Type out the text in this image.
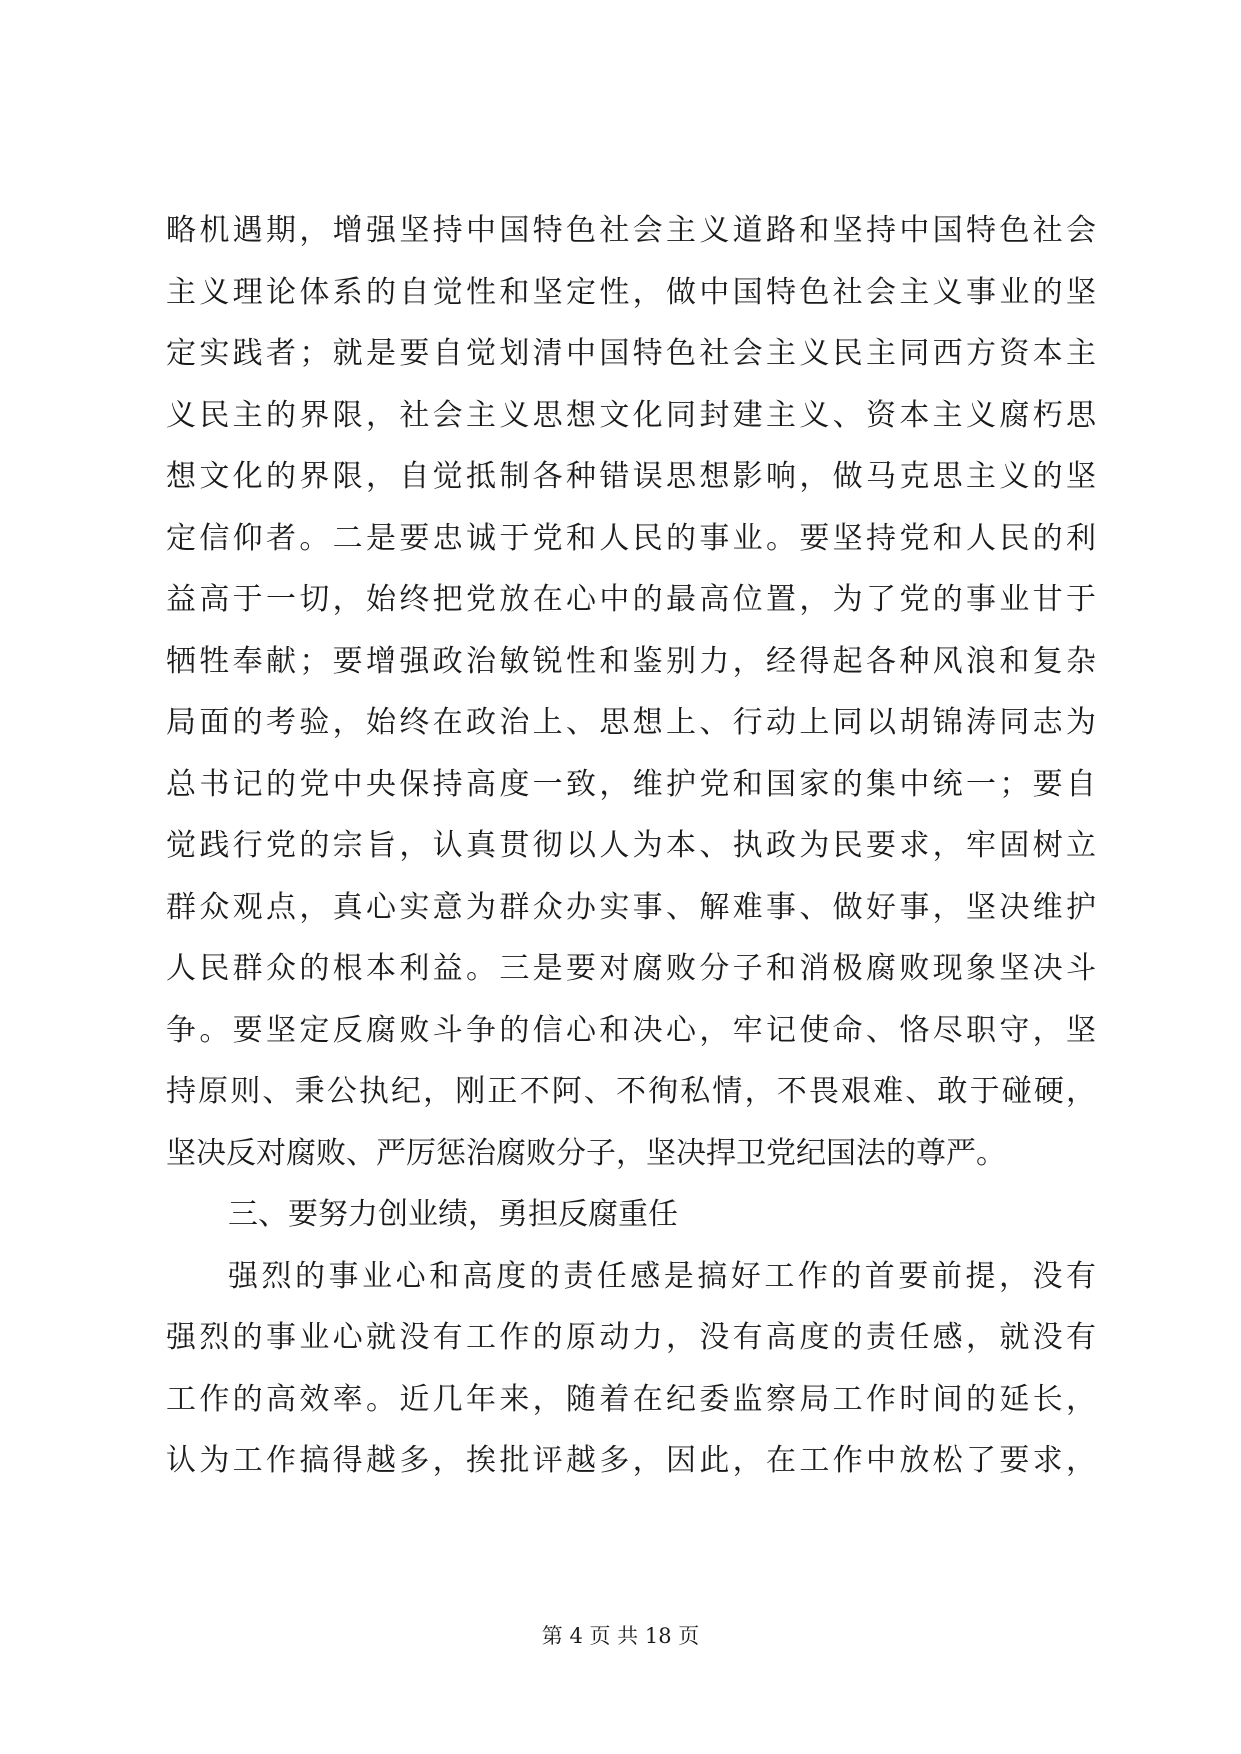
略机遇期，增强坚持中国特色社会主义道路和坚持中国特色社会
主义理论体系的自觉性和坚定性，做中国特色社会主义事业的坚
定实践者；就是要自觉划清中国特色社会主义民主同西方资本主
义民主的界限，社会主义思想文化同封建主义、资本主义腐朽思
想文化的界限，自觉抵制各种错误思想影响，做马克思主义的坚
定信仰者。二是要忠诚于党和人民的事业。要坚持党和人民的利
益高于一切，始终把党放在心中的最高位置，为了党的事业甘于
牺牲奉献；要增强政治敏锐性和鉴别力，经得起各种风浪和复杂
局面的考验，始终在政治上、思想上、行动上同以胡锦涛同志为
总书记的党中央保持高度一致，维护党和国家的集中统一；要自
觉践行党的宗旨，认真贯彻以人为本、执政为民要求，牢固树立
群众观点，真心实意为群众办实事、解难事、做好事，坚决维护
人民群众的根本利益。三是要对腐败分子和消极腐败现象坚决斗
争。要坚定反腐败斗争的信心和决心，牢记使命、恪尽职守，坚
持原则、秉公执纪，刚正不阿、不徇私情，不畏艰难、敢于碰硬，
坚决反对腐败、严厉惩治腐败分子，坚决捍卫党纪国法的尊严。
三、要努力创业绩，勇担反腐重任
强烈的事业心和高度的责任感是搞好工作的首要前提，没有
强烈的事业心就没有工作的原动力，没有高度的责任感，就没有
工作的高效率。近几年来，随着在纪委监察局工作时间的延长，
认为工作搞得越多，挨批评越多，因此，在工作中放松了要求，
第 4 页 共 18 页
